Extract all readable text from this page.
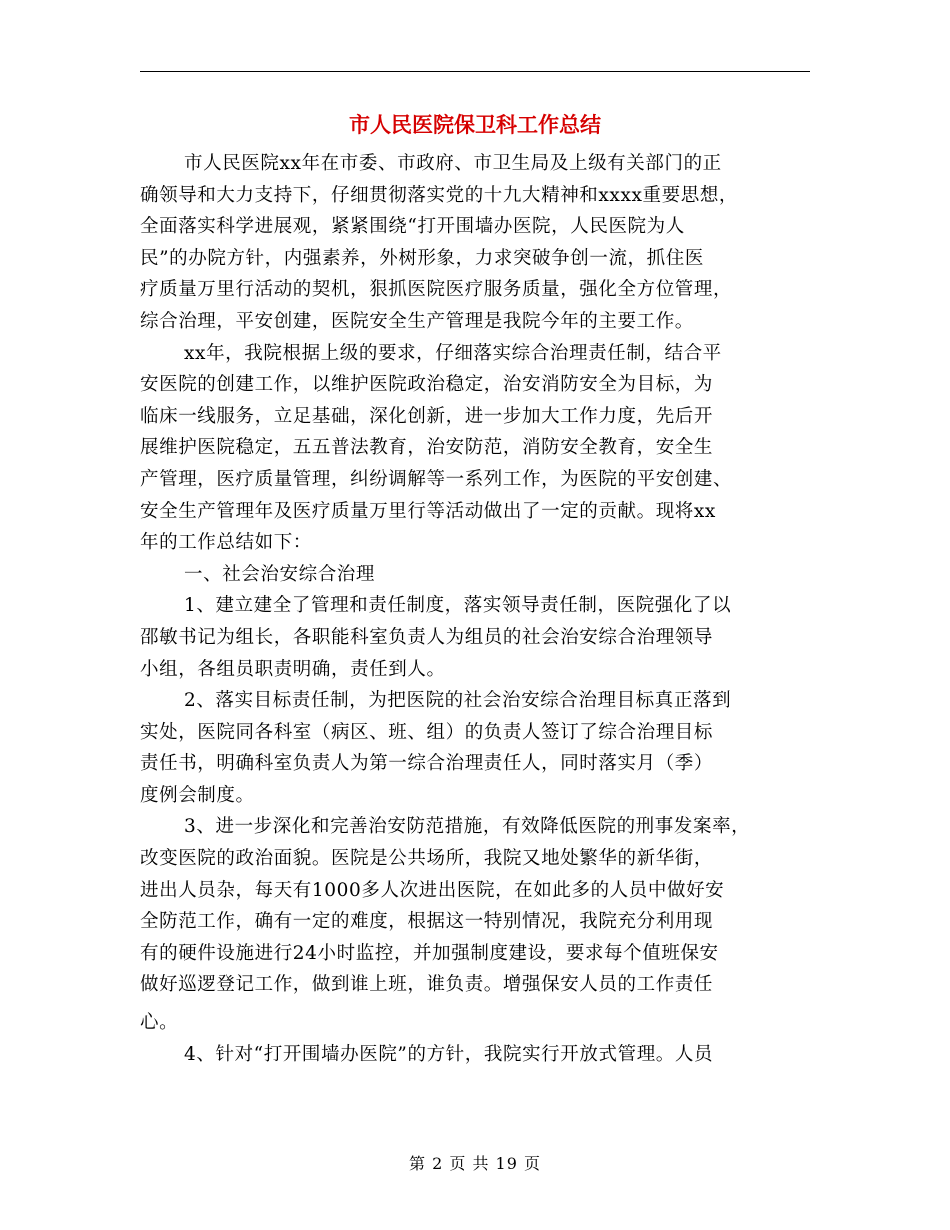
市人民医院保卫科工作总结
市人民医院xx年在市委、市政府、市卫生局及上级有关部门的正
确领导和大力支持下，仔细贯彻落实党的十九大精神和xxxx重要思想，
全面落实科学进展观，紧紧围绕“打开围墙办医院，人民医院为人
民”的办院方针，内强素养，外树形象，力求突破争创一流，抓住医
疗质量万里行活动的契机，狠抓医院医疗服务质量，强化全方位管理，
综合治理，平安创建，医院安全生产管理是我院今年的主要工作。
xx年，我院根据上级的要求，仔细落实综合治理责任制，结合平
安医院的创建工作，以维护医院政治稳定，治安消防安全为目标，为
临床一线服务，立足基础，深化创新，进一步加大工作力度，先后开
展维护医院稳定，五五普法教育，治安防范，消防安全教育，安全生
产管理，医疗质量管理，纠纷调解等一系列工作，为医院的平安创建、
安全生产管理年及医疗质量万里行等活动做出了一定的贡献。现将xx
年的工作总结如下：
一、社会治安综合治理
1、建立建全了管理和责任制度，落实领导责任制，医院强化了以
邵敏书记为组长，各职能科室负责人为组员的社会治安综合治理领导
小组，各组员职责明确，责任到人。
2、落实目标责任制，为把医院的社会治安综合治理目标真正落到
实处，医院同各科室（病区、班、组）的负责人签订了综合治理目标
责任书，明确科室负责人为第一综合治理责任人，同时落实月（季）
度例会制度。
3、进一步深化和完善治安防范措施，有效降低医院的刑事发案率，
改变医院的政治面貌。医院是公共场所，我院又地处繁华的新华街，
进出人员杂，每天有1000多人次进出医院，在如此多的人员中做好安
全防范工作，确有一定的难度，根据这一特别情况，我院充分利用现
有的硬件设施进行24小时监控，并加强制度建设，要求每个值班保安
做好巡逻登记工作，做到谁上班，谁负责。增强保安人员的工作责任
心。
4、针对“打开围墙办医院”的方针，我院实行开放式管理。人员
第 2 页 共 19 页
